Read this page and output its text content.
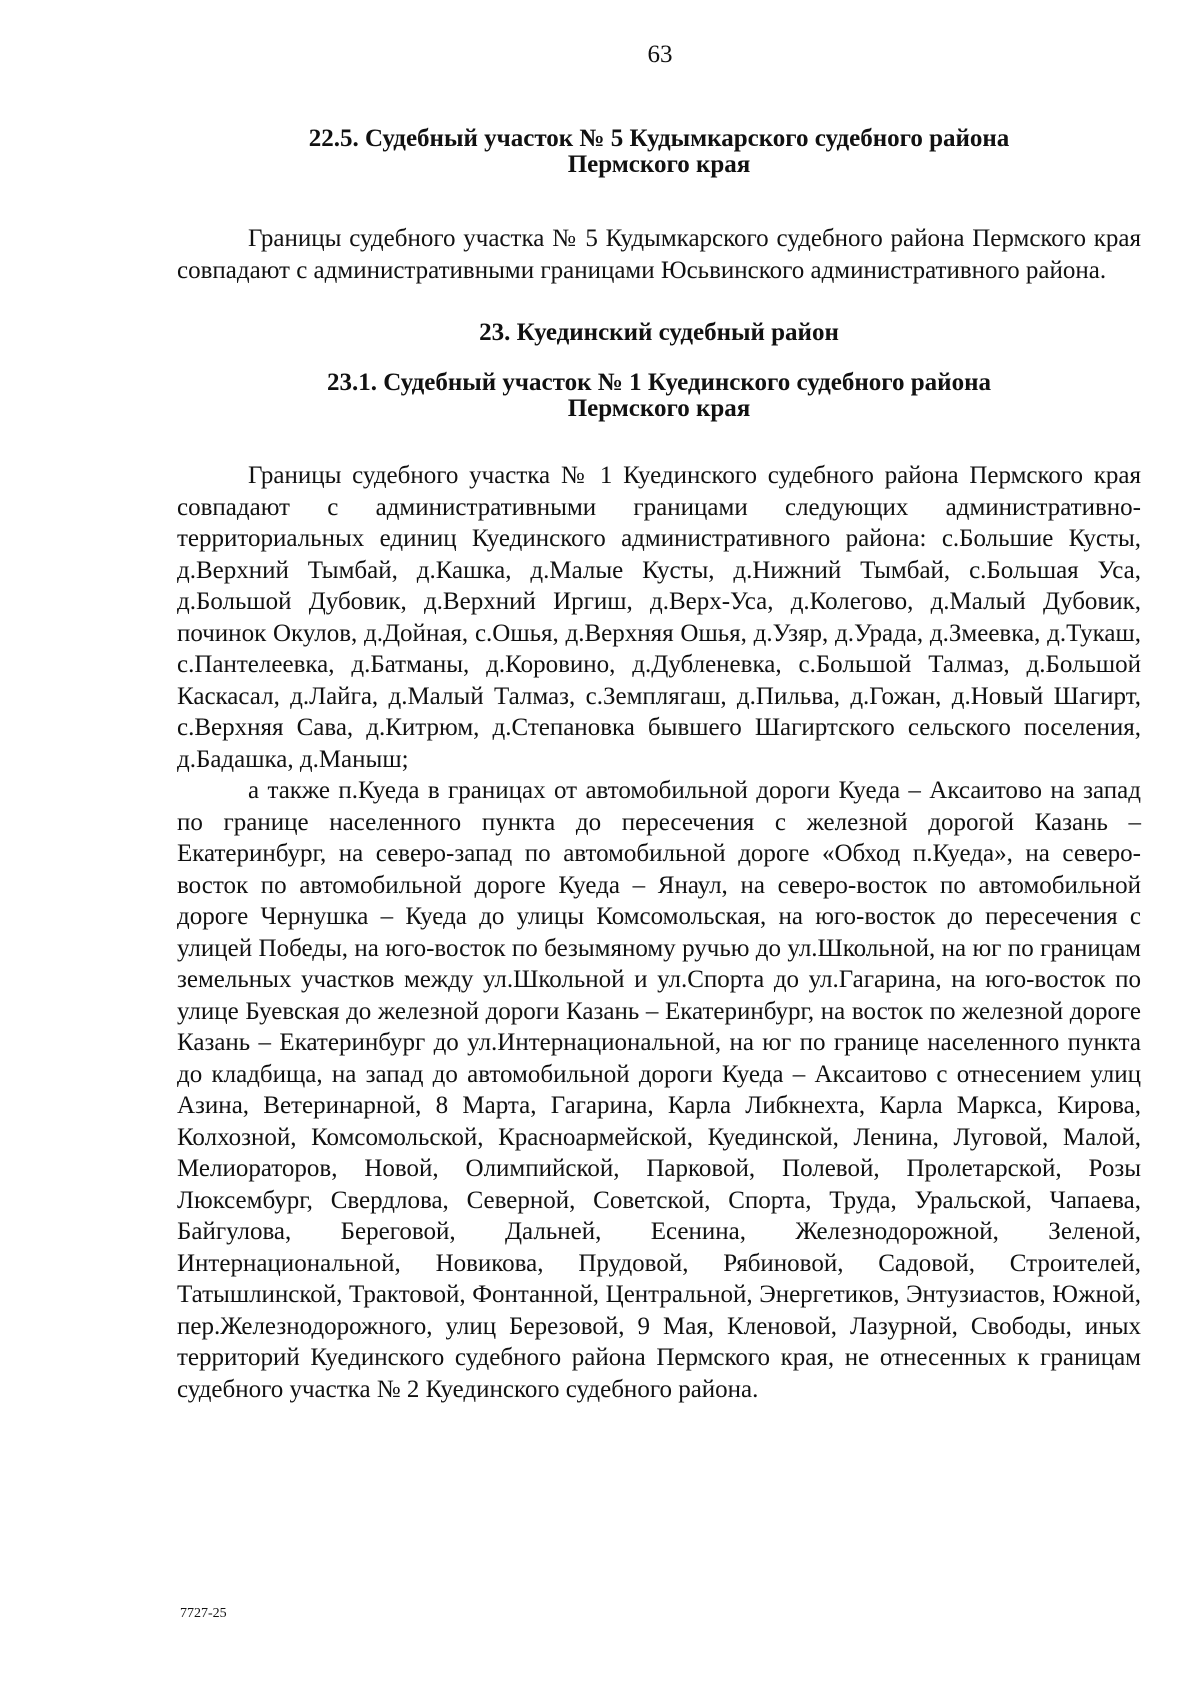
63
22.5. Судебный участок № 5 Кудымкарского судебного района
Пермского края

Границы судебного участка № 5 Кудымкарского судебного района Пермского края совпадают с административными границами Юсьвинского административного района.

23. Куединский судебный район
23.1. Судебный участок № 1 Куединского судебного района
Пермского края

Границы судебного участка № 1 Куединского судебного района Пермского края совпадают с административными границами следующих административно-территориальных единиц Куединского административного района: с.Большие Кусты, д.Верхний Тымбай, д.Кашка, д.Малые Кусты, д.Нижний Тымбай, с.Большая Уса, д.Большой Дубовик, д.Верхний Иргиш, д.Верх-Уса, д.Колегово, д.Малый Дубовик, починок Окулов, д.Дойная, с.Ошья, д.Верхняя Ошья, д.Узяр, д.Урада, д.Змеевка, д.Тукаш, с.Пантелеевка, д.Батманы, д.Коровино, д.Дубленевка, с.Большой Талмаз, д.Большой Каскасал, д.Лайга, д.Малый Талмаз, с.Земплягаш, д.Пильва, д.Гожан, д.Новый Шагирт, с.Верхняя Сава, д.Китрюм, д.Степановка бывшего Шагиртского сельского поселения, д.Бадашка, д.Маныш;

а также п.Куеда в границах от автомобильной дороги Куеда – Аксаитово на запад по границе населенного пункта до пересечения с железной дорогой Казань – Екатеринбург, на северо-запад по автомобильной дороге «Обход п.Куеда», на северо-восток по автомобильной дороге Куеда – Янаул, на северо-восток по автомобильной дороге Чернушка – Куеда до улицы Комсомольская, на юго-восток до пересечения с улицей Победы, на юго-восток по безымяному ручью до ул.Школьной, на юг по границам земельных участков между ул.Школьной и ул.Спорта до ул.Гагарина, на юго-восток по улице Буевская до железной дороги Казань – Екатеринбург, на восток по железной дороге Казань – Екатеринбург до ул.Интернациональной, на юг по границе населенного пункта до кладбища, на запад до автомобильной дороги Куеда – Аксаитово с отнесением улиц Азина, Ветеринарной, 8 Марта, Гагарина, Карла Либкнехта, Карла Маркса, Кирова, Колхозной, Комсомольской, Красноармейской, Куединской, Ленина, Луговой, Малой, Мелиораторов, Новой, Олимпийской, Парковой, Полевой, Пролетарской, Розы Люксембург, Свердлова, Северной, Советской, Спорта, Труда, Уральской, Чапаева, Байгулова, Береговой, Дальней, Есенина, Железнодорожной, Зеленой, Интернациональной, Новикова, Прудовой, Рябиновой, Садовой, Строителей, Татышлинской, Трактовой, Фонтанной, Центральной, Энергетиков, Энтузиастов, Южной, пер.Железнодорожного, улиц Березовой, 9 Мая, Кленовой, Лазурной, Свободы, иных территорий Куединского судебного района Пермского края, не отнесенных к границам судебного участка № 2 Куединского судебного района.

7727-25
